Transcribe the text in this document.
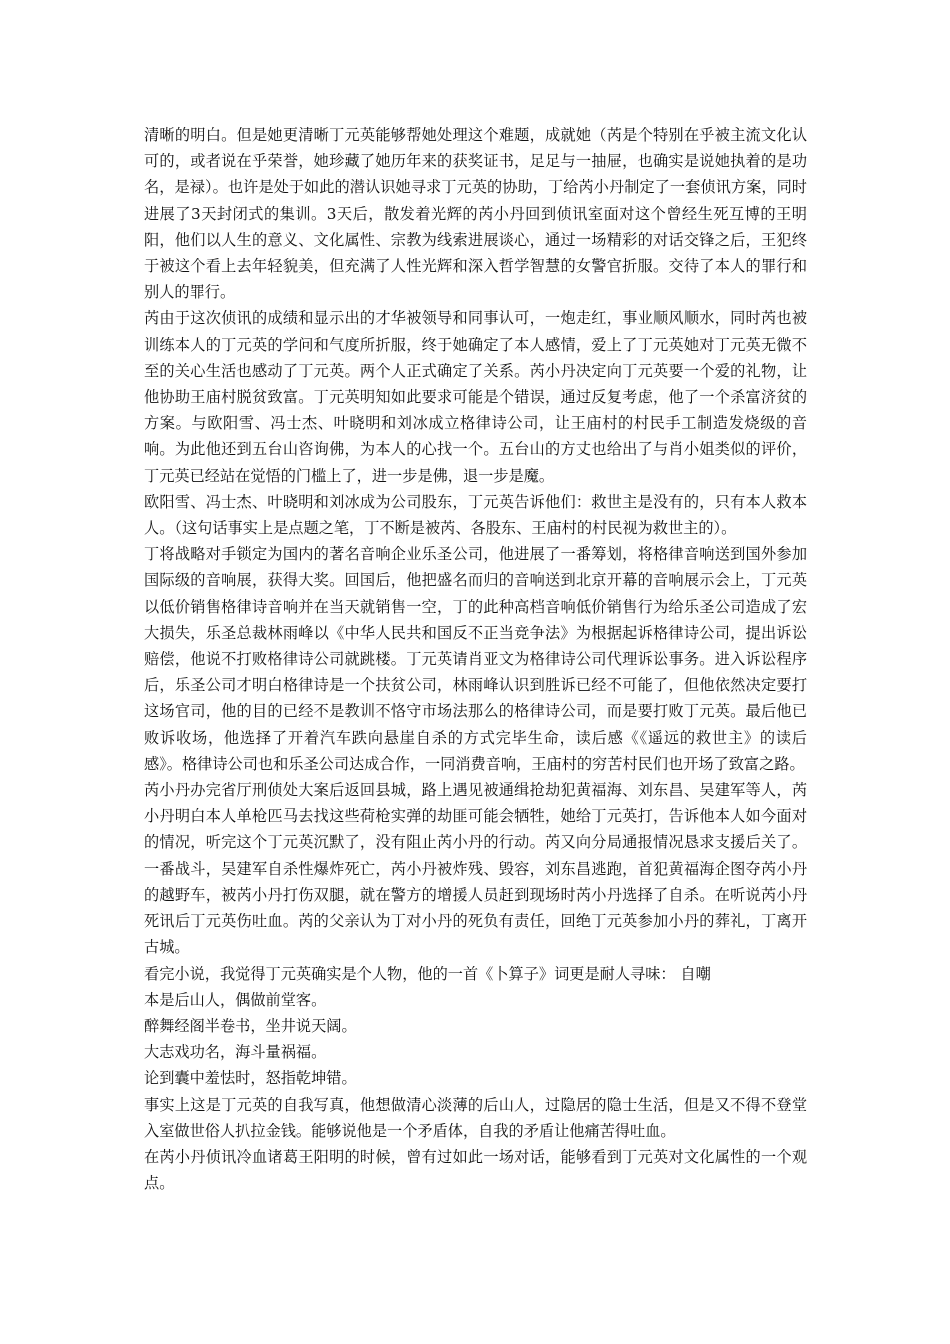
清晰的明白。但是她更清晰丁元英能够帮她处理这个难题，成就她（芮是个特别在乎被主流文化认可的，或者说在乎荣誉，她珍藏了她历年来的获奖证书，足足与一抽屉，也确实是说她执着的是功名，是禄）。也许是处于如此的潜认识她寻求丁元英的协助，丁给芮小丹制定了一套侦讯方案，同时进展了3天封闭式的集训。3天后，散发着光辉的芮小丹回到侦讯室面对这个曾经生死互博的王明阳，他们以人生的意义、文化属性、宗教为线索进展谈心，通过一场精彩的对话交锋之后，王犯终于被这个看上去年轻貌美，但充满了人性光辉和深入哲学智慧的女警官折服。交待了本人的罪行和别人的罪行。

芮由于这次侦讯的成绩和显示出的才华被领导和同事认可，一炮走红，事业顺风顺水，同时芮也被训练本人的丁元英的学问和气度所折服，终于她确定了本人感情，爱上了丁元英她对丁元英无微不至的关心生活也感动了丁元英。两个人正式确定了关系。芮小丹决定向丁元英要一个爱的礼物，让他协助王庙村脱贫致富。丁元英明知如此要求可能是个错误，通过反复考虑，他了一个杀富济贫的方案。与欧阳雪、冯士杰、叶晓明和刘冰成立格律诗公司，让王庙村的村民手工制造发烧级的音响。为此他还到五台山咨询佛，为本人的心找一个。五台山的方丈也给出了与肖小姐类似的评价，丁元英已经站在觉悟的门槛上了，进一步是佛，退一步是魔。

欧阳雪、冯士杰、叶晓明和刘冰成为公司股东，丁元英告诉他们：救世主是没有的，只有本人救本人。（这句话事实上是点题之笔，丁不断是被芮、各股东、王庙村的村民视为救世主的）。

丁将战略对手锁定为国内的著名音响企业乐圣公司，他进展了一番筹划，将格律音响送到国外参加国际级的音响展，获得大奖。回国后，他把盛名而归的音响送到北京开幕的音响展示会上，丁元英以低价销售格律诗音响并在当天就销售一空，丁的此种高档音响低价销售行为给乐圣公司造成了宏大损失，乐圣总裁林雨峰以《中华人民共和国反不正当竞争法》为根据起诉格律诗公司，提出诉讼赔偿，他说不打败格律诗公司就跳楼。丁元英请肖亚文为格律诗公司代理诉讼事务。进入诉讼程序后，乐圣公司才明白格律诗是一个扶贫公司，林雨峰认识到胜诉已经不可能了，但他依然决定要打这场官司，他的目的已经不是教训不恪守市场法那么的格律诗公司，而是要打败丁元英。最后他已败诉收场，他选择了开着汽车跌向悬崖自杀的方式完毕生命，读后感《《遥远的救世主》的读后感》。格律诗公司也和乐圣公司达成合作，一同消费音响，王庙村的穷苦村民们也开场了致富之路。

芮小丹办完省厅刑侦处大案后返回县城，路上遇见被通缉抢劫犯黄福海、刘东昌、吴建军等人，芮小丹明白本人单枪匹马去找这些荷枪实弹的劫匪可能会牺牲，她给丁元英打，告诉他本人如今面对的情况，听完这个丁元英沉默了，没有阻止芮小丹的行动。芮又向分局通报情况恳求支援后关了。一番战斗，吴建军自杀性爆炸死亡，芮小丹被炸残、毁容，刘东昌逃跑，首犯黄福海企图夺芮小丹的越野车，被芮小丹打伤双腿，就在警方的增援人员赶到现场时芮小丹选择了自杀。在听说芮小丹死讯后丁元英伤吐血。芮的父亲认为丁对小丹的死负有责任，回绝丁元英参加小丹的葬礼，丁离开古城。

看完小说，我觉得丁元英确实是个人物，他的一首《卜算子》词更是耐人寻味： 自嘲

本是后山人，偶做前堂客。

醉舞经阁半卷书，坐井说天阔。

大志戏功名，海斗量祸福。

论到囊中羞怯时，怒指乾坤错。

事实上这是丁元英的自我写真，他想做清心淡薄的后山人，过隐居的隐士生活，但是又不得不登堂入室做世俗人扒拉金钱。能够说他是一个矛盾体，自我的矛盾让他痛苦得吐血。

在芮小丹侦讯冷血诸葛王阳明的时候，曾有过如此一场对话，能够看到丁元英对文化属性的一个观点。
